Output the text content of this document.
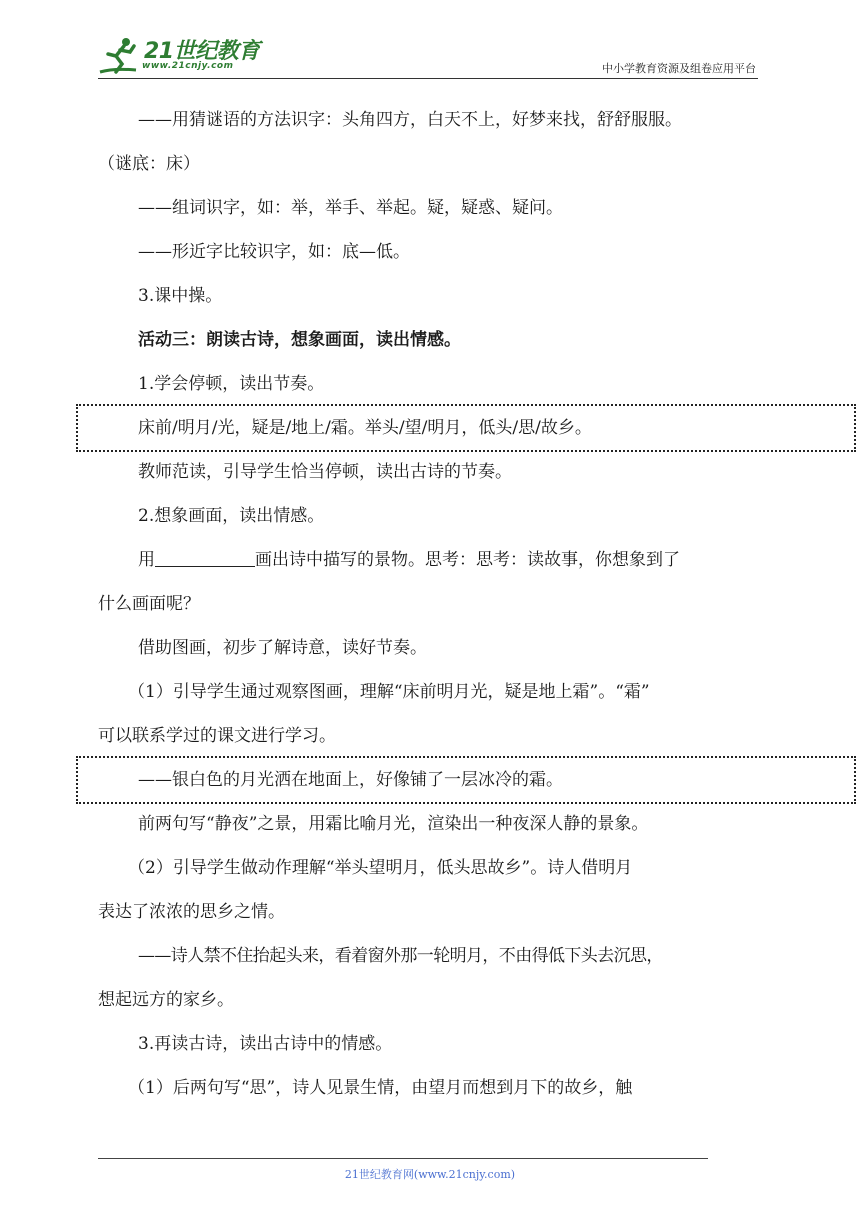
21世纪教育
www.21cnjy.com	中小学教育资源及组卷应用平台
——用猜谜语的方法识字：头角四方，白天不上，好梦来找，舒舒服服。
（谜底：床）
——组词识字，如：举，举手、举起。疑，疑惑、疑问。
——形近字比较识字，如：底—低。
3.课中操。
活动三：朗读古诗，想象画面，读出情感。
1.学会停顿，读出节奏。
床前/明月/光，疑是/地上/霜。举头/望/明月，低头/思/故乡。
教师范读，引导学生恰当停顿，读出古诗的节奏。
2.想象画面，读出情感。
用	画出诗中描写的景物。思考：思考：读故事，你想象到了
什么画面呢？
借助图画，初步了解诗意，读好节奏。
（1）引导学生通过观察图画，理解“床前明月光，疑是地上霜”。“霜”
可以联系学过的课文进行学习。
——银白色的月光洒在地面上，好像铺了一层冰冷的霜。
前两句写“静夜”之景，用霜比喻月光，渲染出一种夜深人静的景象。
（2）引导学生做动作理解“举头望明月，低头思故乡”。诗人借明月
表达了浓浓的思乡之情。
——诗人禁不住抬起头来，看着窗外那一轮明月，不由得低下头去沉思，
想起远方的家乡。
3.再读古诗，读出古诗中的情感。
（1）后两句写“思”，诗人见景生情，由望月而想到月下的故乡，触
21世纪教育网(www.21cnjy.com)
